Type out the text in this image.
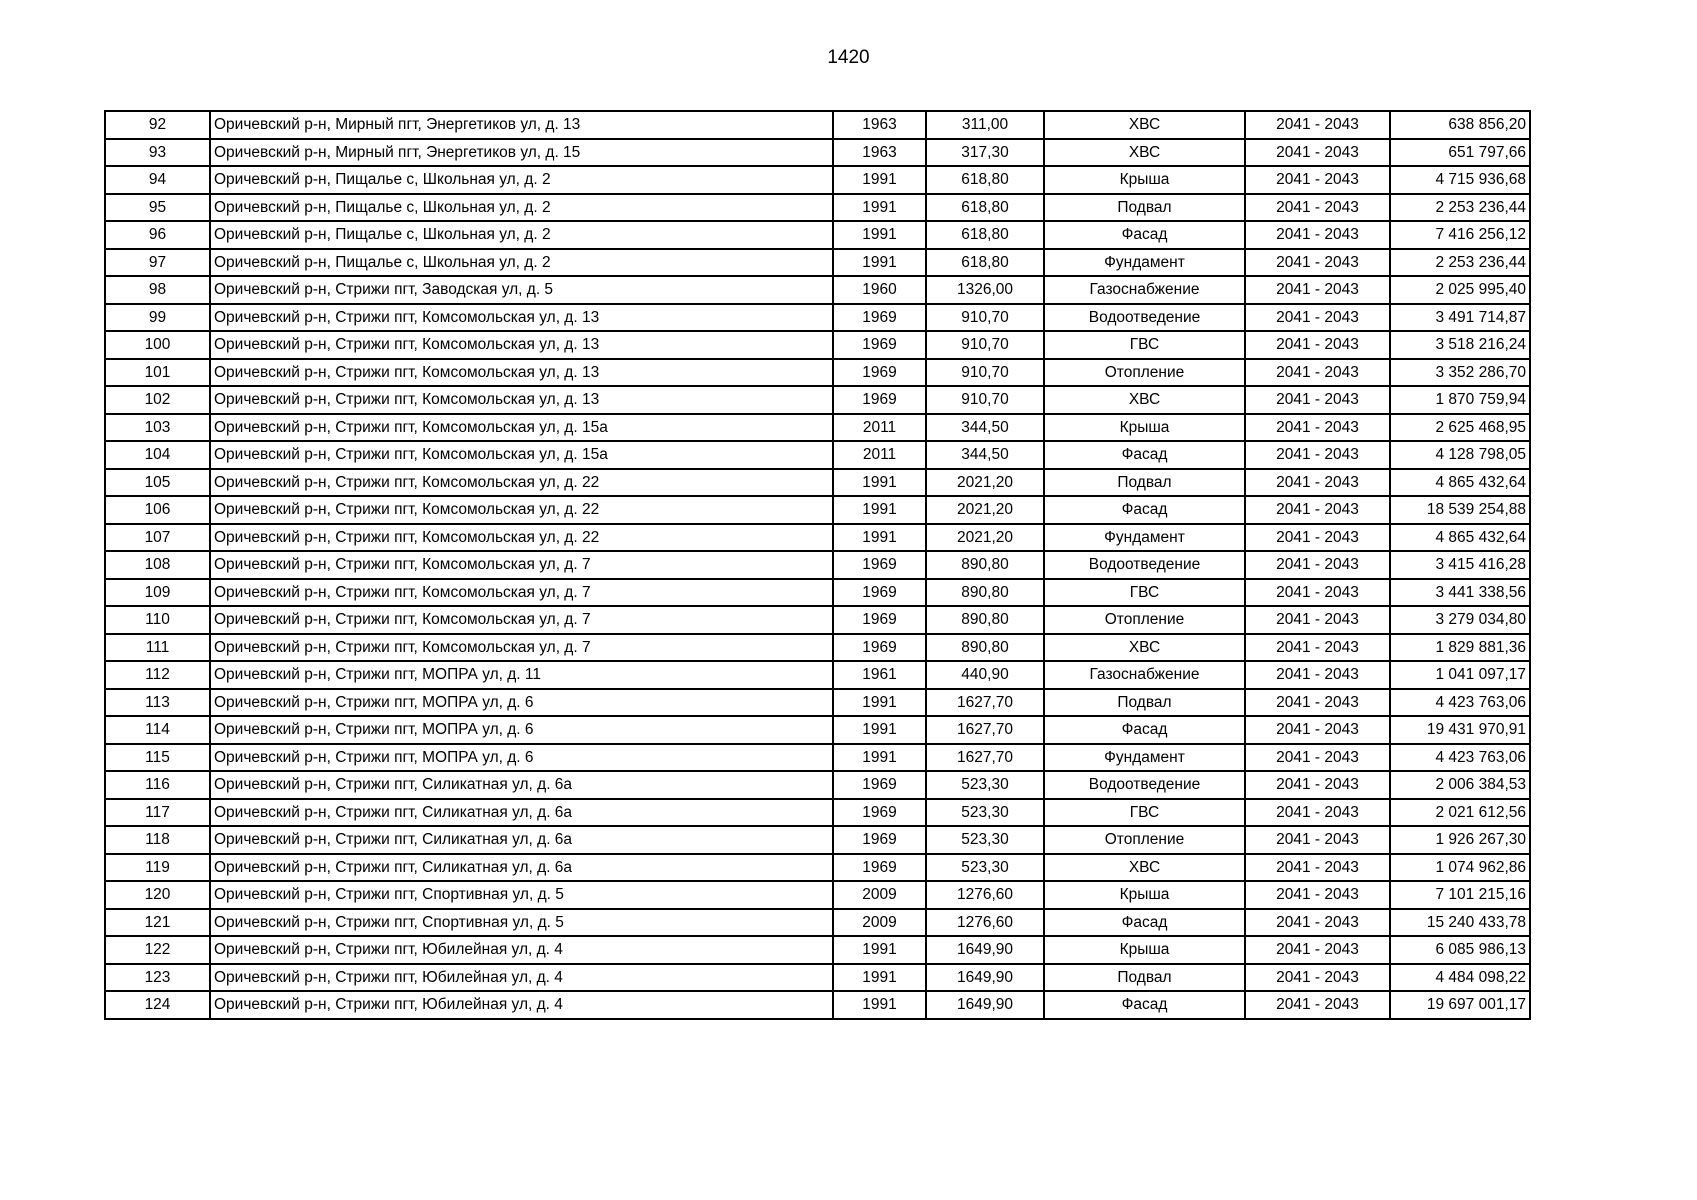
1420
92	Оричевский р-н, Мирный пгт, Энергетиков ул, д. 13	1963	311,00	ХВС	2041 - 2043	638 856,20
93	Оричевский р-н, Мирный пгт, Энергетиков ул, д. 15	1963	317,30	ХВС	2041 - 2043	651 797,66
94	Оричевский р-н, Пищалье с, Школьная ул, д. 2	1991	618,80	Крыша	2041 - 2043	4 715 936,68
95	Оричевский р-н, Пищалье с, Школьная ул, д. 2	1991	618,80	Подвал	2041 - 2043	2 253 236,44
96	Оричевский р-н, Пищалье с, Школьная ул, д. 2	1991	618,80	Фасад	2041 - 2043	7 416 256,12
97	Оричевский р-н, Пищалье с, Школьная ул, д. 2	1991	618,80	Фундамент	2041 - 2043	2 253 236,44
98	Оричевский р-н, Стрижи пгт, Заводская ул, д. 5	1960	1326,00	Газоснабжение	2041 - 2043	2 025 995,40
99	Оричевский р-н, Стрижи пгт, Комсомольская ул, д. 13	1969	910,70	Водоотведение	2041 - 2043	3 491 714,87
100	Оричевский р-н, Стрижи пгт, Комсомольская ул, д. 13	1969	910,70	ГВС	2041 - 2043	3 518 216,24
101	Оричевский р-н, Стрижи пгт, Комсомольская ул, д. 13	1969	910,70	Отопление	2041 - 2043	3 352 286,70
102	Оричевский р-н, Стрижи пгт, Комсомольская ул, д. 13	1969	910,70	ХВС	2041 - 2043	1 870 759,94
103	Оричевский р-н, Стрижи пгт, Комсомольская ул, д. 15а	2011	344,50	Крыша	2041 - 2043	2 625 468,95
104	Оричевский р-н, Стрижи пгт, Комсомольская ул, д. 15а	2011	344,50	Фасад	2041 - 2043	4 128 798,05
105	Оричевский р-н, Стрижи пгт, Комсомольская ул, д. 22	1991	2021,20	Подвал	2041 - 2043	4 865 432,64
106	Оричевский р-н, Стрижи пгт, Комсомольская ул, д. 22	1991	2021,20	Фасад	2041 - 2043	18 539 254,88
107	Оричевский р-н, Стрижи пгт, Комсомольская ул, д. 22	1991	2021,20	Фундамент	2041 - 2043	4 865 432,64
108	Оричевский р-н, Стрижи пгт, Комсомольская ул, д. 7	1969	890,80	Водоотведение	2041 - 2043	3 415 416,28
109	Оричевский р-н, Стрижи пгт, Комсомольская ул, д. 7	1969	890,80	ГВС	2041 - 2043	3 441 338,56
110	Оричевский р-н, Стрижи пгт, Комсомольская ул, д. 7	1969	890,80	Отопление	2041 - 2043	3 279 034,80
111	Оричевский р-н, Стрижи пгт, Комсомольская ул, д. 7	1969	890,80	ХВС	2041 - 2043	1 829 881,36
112	Оричевский р-н, Стрижи пгт, МОПРА ул, д. 11	1961	440,90	Газоснабжение	2041 - 2043	1 041 097,17
113	Оричевский р-н, Стрижи пгт, МОПРА ул, д. 6	1991	1627,70	Подвал	2041 - 2043	4 423 763,06
114	Оричевский р-н, Стрижи пгт, МОПРА ул, д. 6	1991	1627,70	Фасад	2041 - 2043	19 431 970,91
115	Оричевский р-н, Стрижи пгт, МОПРА ул, д. 6	1991	1627,70	Фундамент	2041 - 2043	4 423 763,06
116	Оричевский р-н, Стрижи пгт, Силикатная ул, д. 6а	1969	523,30	Водоотведение	2041 - 2043	2 006 384,53
117	Оричевский р-н, Стрижи пгт, Силикатная ул, д. 6а	1969	523,30	ГВС	2041 - 2043	2 021 612,56
118	Оричевский р-н, Стрижи пгт, Силикатная ул, д. 6а	1969	523,30	Отопление	2041 - 2043	1 926 267,30
119	Оричевский р-н, Стрижи пгт, Силикатная ул, д. 6а	1969	523,30	ХВС	2041 - 2043	1 074 962,86
120	Оричевский р-н, Стрижи пгт, Спортивная ул, д. 5	2009	1276,60	Крыша	2041 - 2043	7 101 215,16
121	Оричевский р-н, Стрижи пгт, Спортивная ул, д. 5	2009	1276,60	Фасад	2041 - 2043	15 240 433,78
122	Оричевский р-н, Стрижи пгт, Юбилейная ул, д. 4	1991	1649,90	Крыша	2041 - 2043	6 085 986,13
123	Оричевский р-н, Стрижи пгт, Юбилейная ул, д. 4	1991	1649,90	Подвал	2041 - 2043	4 484 098,22
124	Оричевский р-н, Стрижи пгт, Юбилейная ул, д. 4	1991	1649,90	Фасад	2041 - 2043	19 697 001,17
